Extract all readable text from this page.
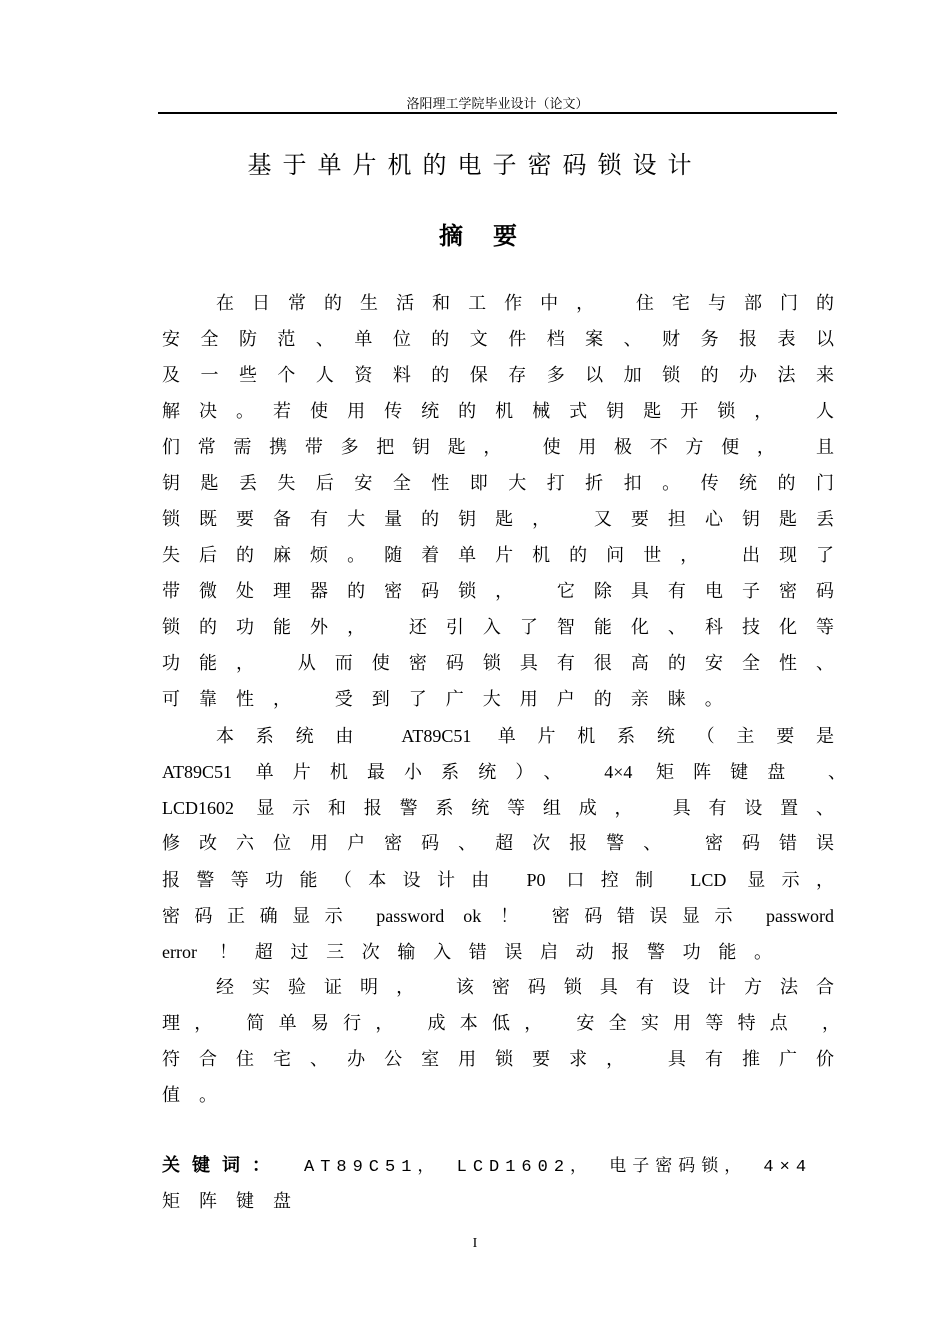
洛阳理工学院毕业设计（论文）
基于单片机的电子密码锁设计
摘要
在日常的生活和工作中， 住宅与部门的
安全防范、单位的文件档案、财务报表以
及一些个人资料的保存多以加锁的办法来
解决。若使用传统的机械式钥匙开锁， 人
们常需携带多把钥匙， 使用极不方便， 且
钥匙丢失后安全性即大打折扣。传统的门
锁既要备有大量的钥匙， 又要担心钥匙丢
失后的麻烦。随着单片机的问世， 出现了
带微处理器的密码锁， 它除具有电子密码
锁的功能外， 还引入了智能化、科技化等
功能， 从而使密码锁具有很高的安全性、
可靠性， 受到了广大用户的亲睐。
本系统由 AT89C51 单片机系统（主要是
AT89C51 单片机最小系统）、 4×4 矩阵键盘 、
LCD1602 显示和报警系统等组成， 具有设置、
修改六位用户密码、超次报警、 密码错误
报警等功能（本设计由 P0 口控制 LCD 显示，
密码正确显示 password ok ！ 密码错误显示 password
error ！超过三次输入错误启动报警功能。
经实验证明， 该密码锁具有设计方法合
理， 简单易行， 成本低， 安全实用等特点 ，
符合住宅、办公室用锁要求， 具有推广价
值。
关键词： AT89C51， LCD1602， 电子密码锁， 4×4
矩阵键盘
I
